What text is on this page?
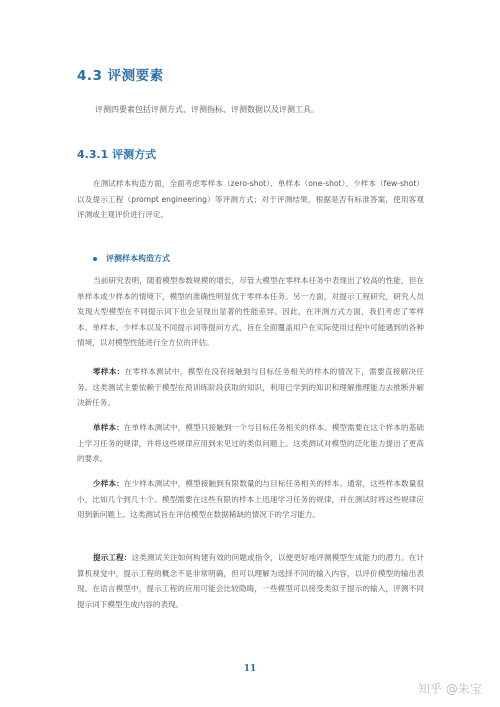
4.3 评测要素
评测四要素包括评测方式、评测指标、评测数据以及评测工具。
4.3.1 评测方式

在测试样本构造方面，全面考虑零样本（zero-shot）、单样本（one-shot）、少样本（few-shot）以及提示工程（prompt engineering）等评测方式；对于评测结果，根据是否有标准答案，使用客观评测或主观评价进行评定。

评测样本构造方式

当前研究表明，随着模型参数规模的增长，尽管大模型在零样本任务中表现出了较高的性能，但在单样本或少样本的情境下，模型的准确性明显优于零样本任务。另一方面，对提示工程研究，研究人员发现大型模型在不同提示词下也会呈现出显著的性能差异。因此，在评测方式方面，我们考虑了零样本、单样本、少样本以及不同提示词等提问方式，旨在全面覆盖用户在实际使用过程中可能遇到的各种情境，以对模型性能进行全方位的评估。

零样本：在零样本测试中，模型在没有接触到与目标任务相关的样本的情况下，需要直接解决任务。这类测试主要依赖于模型在预训练阶段获取的知识，利用已学到的知识和理解推理能力去推断并解决新任务。

单样本：在单样本测试中，模型只接触到一个与目标任务相关的样本。模型需要在这个样本的基础上学习任务的规律，并将这些规律应用到未见过的类似问题上。这类测试对模型的泛化能力提出了更高的要求。

少样本：在少样本测试中，模型接触到有限数量的与目标任务相关的样本。通常，这些样本数量很小，比如几个到几十个。模型需要在这些有限的样本上迅速学习任务的规律，并在测试时将这些规律应用到新问题上。这类测试旨在评估模型在数据稀缺的情况下的学习能力。

提示工程：这类测试关注如何构建有效的问题或指令，以便更好地评测模型生成能力的潜力。在计算机视觉中，提示工程的概念不是非常明确，但可以理解为选择不同的输入内容，以评价模型的输出表现。在语言模型中，提示工程的应用可能会比较隐晦，一些模型可以接受类似于提示的输入，评测不同提示词下模型生成内容的表现。

11
知乎 @朱宝
